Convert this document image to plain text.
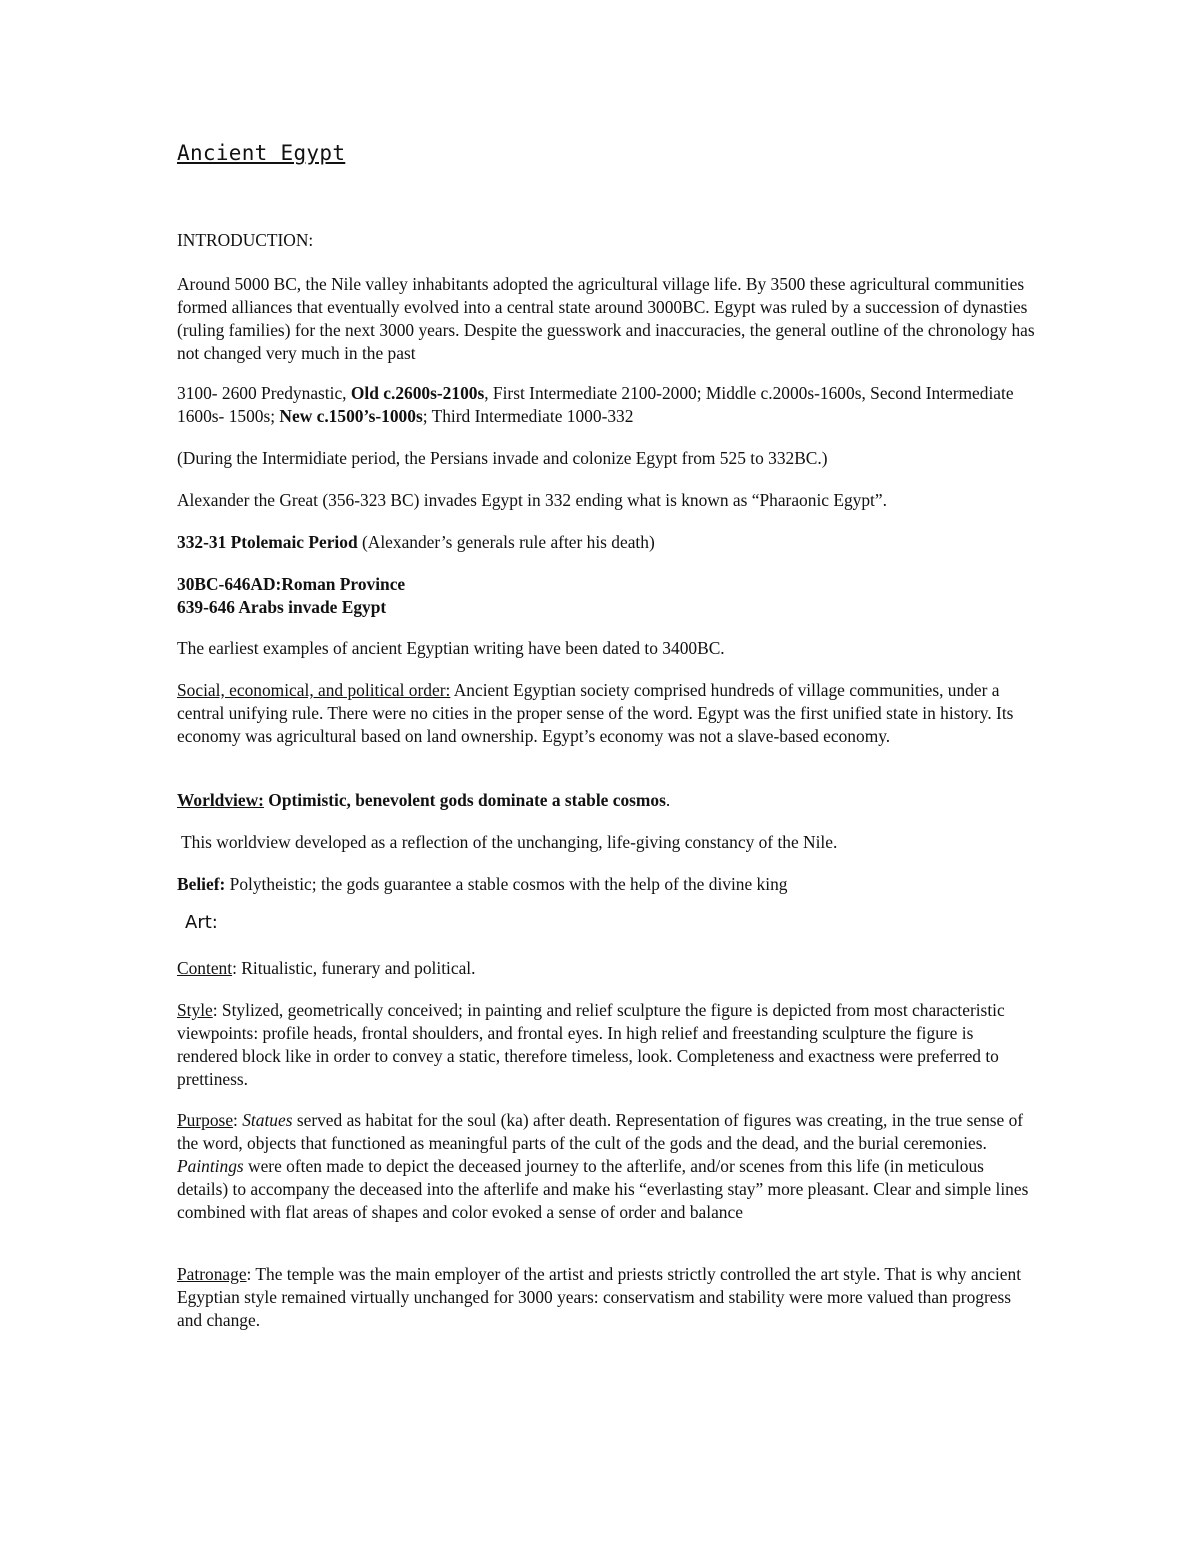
Ancient Egypt

INTRODUCTION:

Around 5000 BC, the Nile valley inhabitants adopted the agricultural village life. By 3500 these agricultural communities formed alliances that eventually evolved into a central state around 3000BC. Egypt was ruled by a succession of dynasties (ruling families) for the next 3000 years. Despite the guesswork and inaccuracies, the general outline of the chronology has not changed very much in the past

3100- 2600 Predynastic, Old c.2600s-2100s, First Intermediate 2100-2000; Middle c.2000s-1600s, Second Intermediate 1600s- 1500s; New c.1500’s-1000s; Third Intermediate 1000-332

(During the Intermidiate period, the Persians invade and colonize Egypt from 525 to 332BC.)

Alexander the Great (356-323 BC) invades Egypt in 332 ending what is known as “Pharaonic Egypt”.

332-31 Ptolemaic Period (Alexander’s generals rule after his death)

30BC-646AD:Roman Province

639-646 Arabs invade Egypt

The earliest examples of ancient Egyptian writing have been dated to 3400BC.

Social, economical, and political order: Ancient Egyptian society comprised hundreds of village communities, under a central unifying rule. There were no cities in the proper sense of the word. Egypt was the first unified state in history. Its economy was agricultural based on land ownership. Egypt’s economy was not a slave-based economy.

Worldview: Optimistic, benevolent gods dominate a stable cosmos.

This worldview developed as a reflection of the unchanging, life-giving constancy of the Nile.

Belief: Polytheistic; the gods guarantee a stable cosmos with the help of the divine king

Art:

Content: Ritualistic, funerary and political.

Style: Stylized, geometrically conceived; in painting and relief sculpture the figure is depicted from most characteristic viewpoints: profile heads, frontal shoulders, and frontal eyes. In high relief and freestanding sculpture the figure is rendered block like in order to convey a static, therefore timeless, look. Completeness and exactness were preferred to prettiness.

Purpose: Statues served as habitat for the soul (ka) after death. Representation of figures was creating, in the true sense of the word, objects that functioned as meaningful parts of the cult of the gods and the dead, and the burial ceremonies. Paintings were often made to depict the deceased journey to the afterlife, and/or scenes from this life (in meticulous details) to accompany the deceased into the afterlife and make his “everlasting stay” more pleasant. Clear and simple lines combined with flat areas of shapes and color evoked a sense of order and balance

Patronage: The temple was the main employer of the artist and priests strictly controlled the art style. That is why ancient Egyptian style remained virtually unchanged for 3000 years: conservatism and stability were more valued than progress and change.
